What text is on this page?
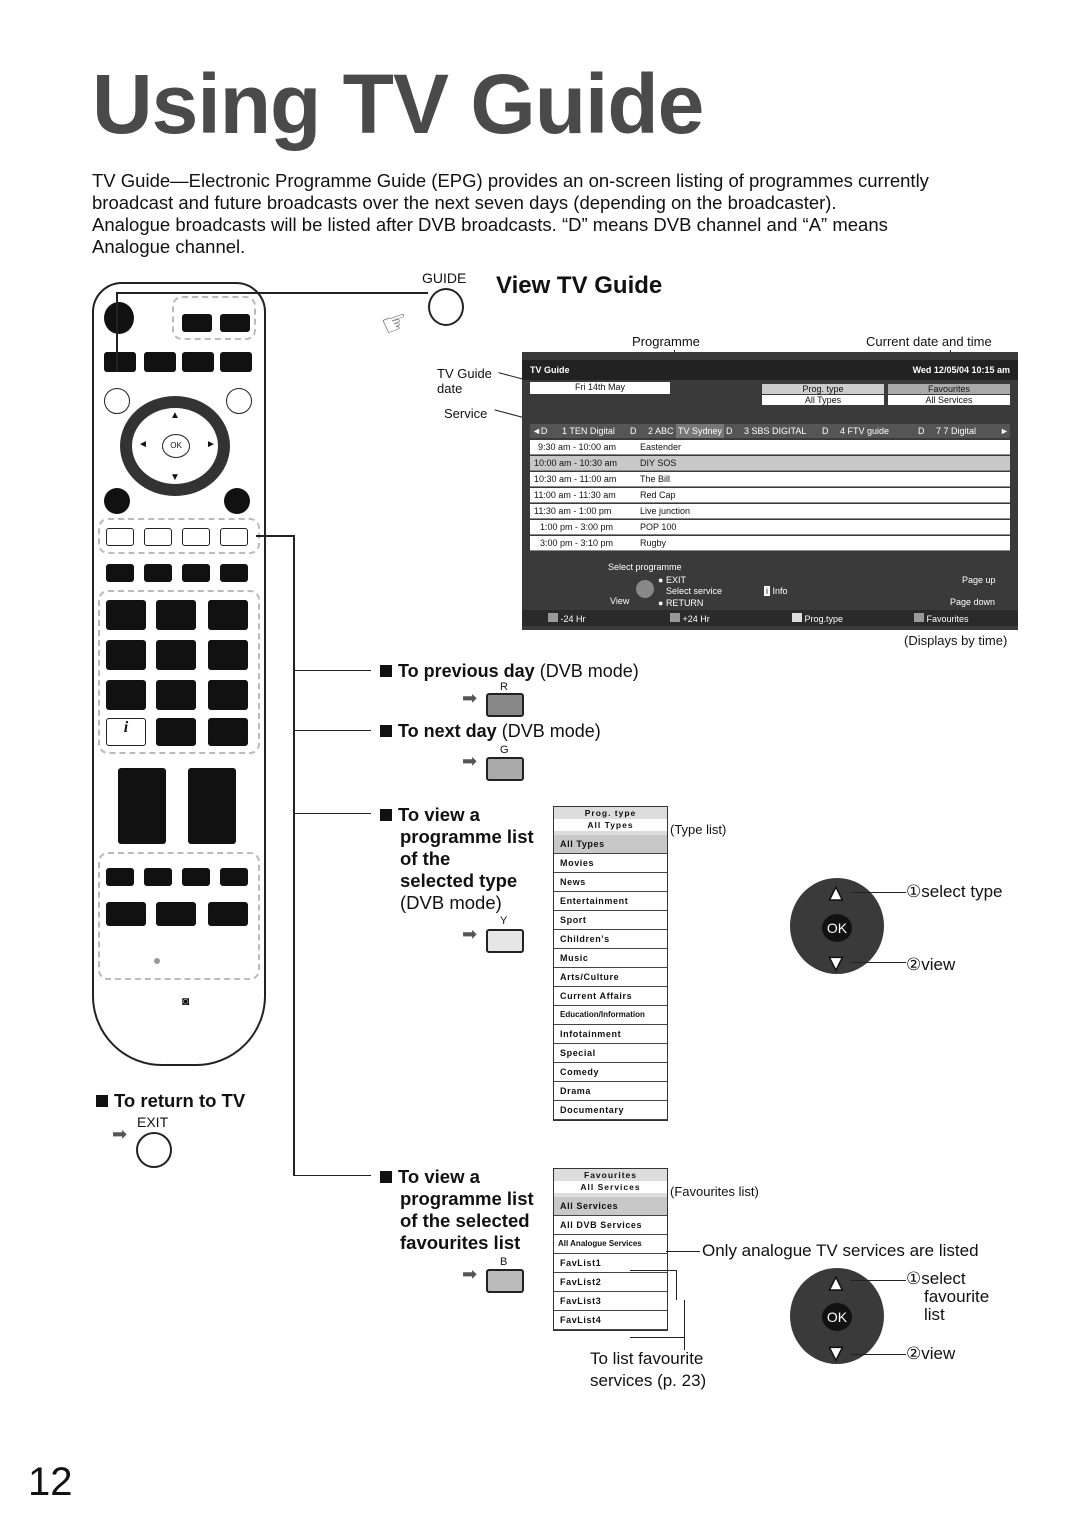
Using TV Guide
TV Guide—Electronic Programme Guide (EPG) provides an on-screen listing of programmes currently
broadcast and future broadcasts over the next seven days (depending on the broadcaster).
Analogue broadcasts will be listed after DVB broadcasts. “D” means DVB channel and “A” means
Analogue channel.
▲
▼
◄	►
OK
i
◙
GUIDE
☞
View TV Guide
Programme	Current date and time
TV Guide
date
Service
TV Guide	Wed 12/05/04 10:15 am
Fri 14th May	Prog. type
All Types
Favourites
All Services
◄D 1 TEN Digital D 2 ABC TV Sydney D 3 SBS DIGITAL D 4 FTV guide	D 7 7 Digital	►
9:30 am - 10:00 am	Eastender
10:00 am - 10:30 am	DIY SOS
10:30 am - 11:00 am	The Bill
11:00 am - 11:30 am	Red Cap
11:30 am - 1:00 pm	Live junction
1:00 pm - 3:00 pm	POP 100
3:00 pm - 3:10 pm	Rugby
Select programme
● EXIT
Select service
View	● RETURN
i Info
Page up
Page down
-24 Hr	+24 Hr	Prog.type	Favourites
(Displays by time)
To previous day (DVB mode)
R
➡
To next day (DVB mode)
G
➡
To view a
programme list
of the
selected type
(DVB mode)
Y
➡
Prog. type
All Types
All Types
Movies
News
Entertainment
Sport
Children’s
Music
Arts/Culture
Current Affairs
Education/Information
Infotainment
Special
Comedy
Drama
Documentary
(Type list)
▲
▼
OK
①select type
②view
To return to TV
EXIT
➡
To view a
programme list
of the selected
favourites list
B
➡
Favourites
All Services
All Services
All DVB Services
All Analogue Services
FavList1
FavList2
FavList3
FavList4
(Favourites list)
Only analogue TV services are listed
To list favourite
services (p. 23)
▲
▼
OK
①select
favourite
list
②view
12
